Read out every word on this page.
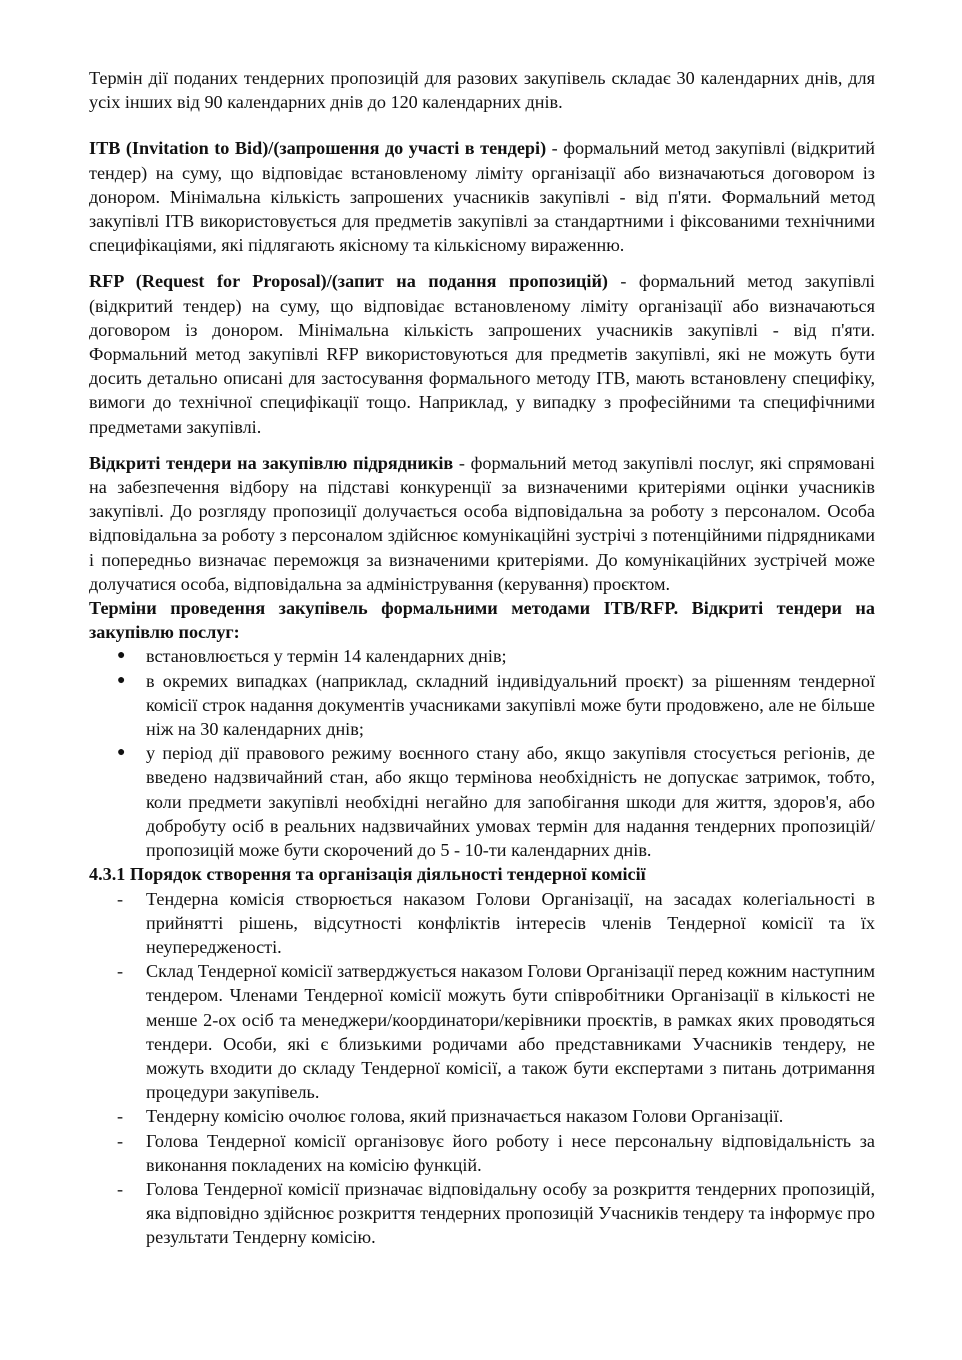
Термін дії поданих тендерних пропозицій для разових закупівель складає 30 календарних днів, для усіх інших від 90 календарних днів до 120 календарних днів.

ITB (Invitation to Bid)/(запрошення до участі в тендері) - формальний метод закупівлі (відкритий тендер) на суму, що відповідає встановленому ліміту організації або визначаються договором із донором. Мінімальна кількість запрошених учасників закупівлі - від п'яти. Формальний метод закупівлі ITB використовується для предметів закупівлі за стандартними і фіксованими технічними специфікаціями, які підлягають якісному та кількісному вираженню.

RFP (Request for Proposal)/(запит на подання пропозицій) - формальний метод закупівлі (відкритий тендер) на суму, що відповідає встановленому ліміту організації або визначаються договором із донором. Мінімальна кількість запрошених учасників закупівлі - від п'яти. Формальний метод закупівлі RFP використовуються для предметів закупівлі, які не можуть бути досить детально описані для застосування формального методу ITB, мають встановлену специфіку, вимоги до технічної специфікації тощо. Наприклад, у випадку з професійними та специфічними предметами закупівлі.

Відкриті тендери на закупівлю підрядників - формальний метод закупівлі послуг, які спрямовані на забезпечення відбору на підставі конкуренції за визначеними критеріями оцінки учасників закупівлі. До розгляду пропозиції долучається особа відповідальна за роботу з персоналом. Особа відповідальна за роботу з персоналом здійснює комунікаційні зустрічі з потенційними підрядниками і попередньо визначає переможця за визначеними критеріями. До комунікаційних зустрічей може долучатися особа, відповідальна за адміністрування (керування) проєктом.

Терміни проведення закупівель формальними методами ITB/RFP. Відкриті тендери на закупівлю послуг:

● встановлюється у термін 14 календарних днів;
● в окремих випадках (наприклад, складний індивідуальний проєкт) за рішенням тендерної комісії строк надання документів учасниками закупівлі може бути продовжено, але не більше ніж на 30 календарних днів;
● у період дії правового режиму воєнного стану або, якщо закупівля стосується регіонів, де введено надзвичайний стан, або якщо термінова необхідність не допускає затримок, тобто, коли предмети закупівлі необхідні негайно для запобігання шкоди для життя, здоров'я, або добробуту осіб в реальних надзвичайних умовах термін для надання тендерних пропозицій/пропозицій може бути скорочений до 5 - 10-ти календарних днів.

4.3.1 Порядок створення та організація діяльності тендерної комісії

- Тендерна комісія створюється наказом Голови Організації, на засадах колегіальності в прийнятті рішень, відсутності конфліктів інтересів членів Тендерної комісії та їх неупередженості.
- Склад Тендерної комісії затверджується наказом Голови Організації перед кожним наступним тендером. Членами Тендерної комісії можуть бути співробітники Організації в кількості не менше 2-ох осіб та менеджери/координатори/керівники проєктів, в рамках яких проводяться тендери. Особи, які є близькими родичами або представниками Учасників тендеру, не можуть входити до складу Тендерної комісії, а також бути експертами з питань дотримання процедури закупівель.
- Тендерну комісію очолює голова, який призначається наказом Голови Організації.
- Голова Тендерної комісії організовує його роботу і несе персональну відповідальність за виконання покладених на комісію функцій.
- Голова Тендерної комісії призначає відповідальну особу за розкриття тендерних пропозицій, яка відповідно здійснює розкриття тендерних пропозицій Учасників тендеру та інформує про результати Тендерну комісію.
